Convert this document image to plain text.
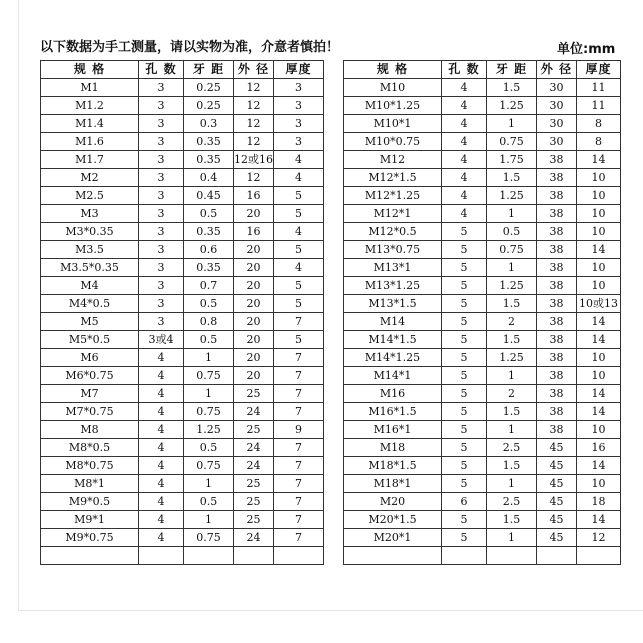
以下数据为手工测量，请以实物为准，介意者慎拍！	单位:mm
规 格	孔 数	牙 距	外 径	厚度
M1	3	0.25	12	3
M1.2	3	0.25	12	3
M1.4	3	0.3	12	3
M1.6	3	0.35	12	3
M1.7	3	0.35	12或16	4
M2	3	0.4	12	4
M2.5	3	0.45	16	5
M3	3	0.5	20	5
M3*0.35	3	0.35	16	4
M3.5	3	0.6	20	5
M3.5*0.35	3	0.35	20	4
M4	3	0.7	20	5
M4*0.5	3	0.5	20	5
M5	3	0.8	20	7
M5*0.5	3或4	0.5	20	5
M6	4	1	20	7
M6*0.75	4	0.75	20	7
M7	4	1	25	7
M7*0.75	4	0.75	24	7
M8	4	1.25	25	9
M8*0.5	4	0.5	24	7
M8*0.75	4	0.75	24	7
M8*1	4	1	25	7
M9*0.5	4	0.5	25	7
M9*1	4	1	25	7
M9*0.75	4	0.75	24	7

规 格	孔 数	牙 距	外 径	厚度
M10	4	1.5	30	11
M10*1.25	4	1.25	30	11
M10*1	4	1	30	8
M10*0.75	4	0.75	30	8
M12	4	1.75	38	14
M12*1.5	4	1.5	38	10
M12*1.25	4	1.25	38	10
M12*1	4	1	38	10
M12*0.5	5	0.5	38	10
M13*0.75	5	0.75	38	14
M13*1	5	1	38	10
M13*1.25	5	1.25	38	10
M13*1.5	5	1.5	38	10或13
M14	5	2	38	14
M14*1.5	5	1.5	38	14
M14*1.25	5	1.25	38	10
M14*1	5	1	38	10
M16	5	2	38	14
M16*1.5	5	1.5	38	14
M16*1	5	1	38	10
M18	5	2.5	45	16
M18*1.5	5	1.5	45	14
M18*1	5	1	45	10
M20	6	2.5	45	18
M20*1.5	5	1.5	45	14
M20*1	5	1	45	12
